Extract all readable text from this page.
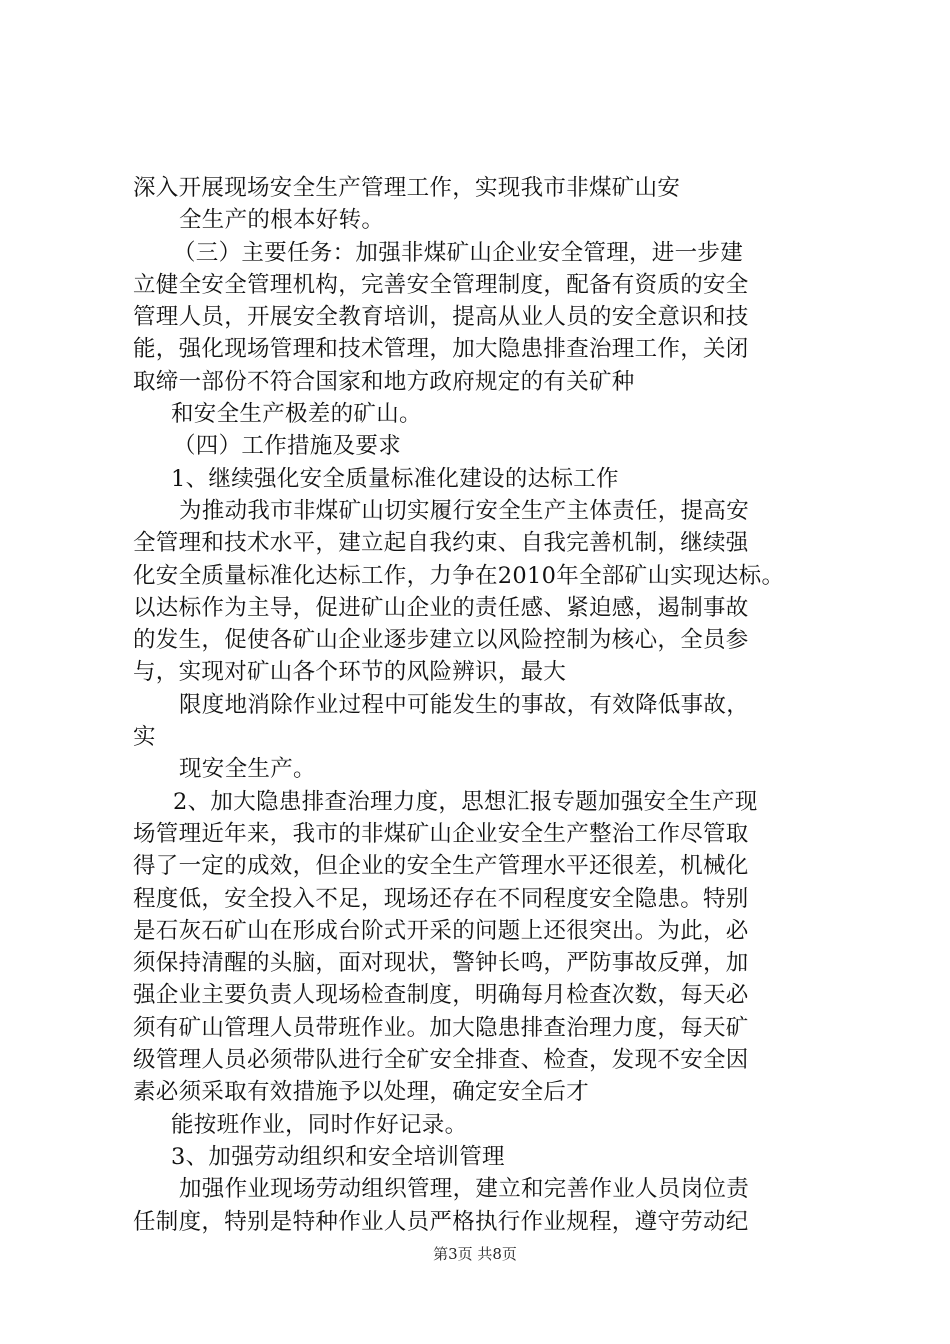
深入开展现场安全生产管理工作，实现我市非煤矿山安
全生产的根本好转。
（三）主要任务：加强非煤矿山企业安全管理，进一步建
立健全安全管理机构，完善安全管理制度，配备有资质的安全
管理人员，开展安全教育培训，提高从业人员的安全意识和技
能，强化现场管理和技术管理，加大隐患排查治理工作，关闭
取缔一部份不符合国家和地方政府规定的有关矿种
和安全生产极差的矿山。
（四）工作措施及要求
1、继续强化安全质量标准化建设的达标工作
为推动我市非煤矿山切实履行安全生产主体责任，提高安
全管理和技术水平，建立起自我约束、自我完善机制，继续强
化安全质量标准化达标工作，力争在2010年全部矿山实现达标。
以达标作为主导，促进矿山企业的责任感、紧迫感，遏制事故
的发生，促使各矿山企业逐步建立以风险控制为核心，全员参
与，实现对矿山各个环节的风险辨识，最大
限度地消除作业过程中可能发生的事故，有效降低事故，
实
现安全生产。
2、加大隐患排查治理力度，思想汇报专题加强安全生产现
场管理近年来，我市的非煤矿山企业安全生产整治工作尽管取
得了一定的成效，但企业的安全生产管理水平还很差，机械化
程度低，安全投入不足，现场还存在不同程度安全隐患。特别
是石灰石矿山在形成台阶式开采的问题上还很突出。为此，必
须保持清醒的头脑，面对现状，警钟长鸣，严防事故反弹，加
强企业主要负责人现场检查制度，明确每月检查次数，每天必
须有矿山管理人员带班作业。加大隐患排查治理力度，每天矿
级管理人员必须带队进行全矿安全排查、检查，发现不安全因
素必须采取有效措施予以处理，确定安全后才
能按班作业，同时作好记录。
3、加强劳动组织和安全培训管理
加强作业现场劳动组织管理，建立和完善作业人员岗位责
任制度，特别是特种作业人员严格执行作业规程，遵守劳动纪
第3页 共8页
